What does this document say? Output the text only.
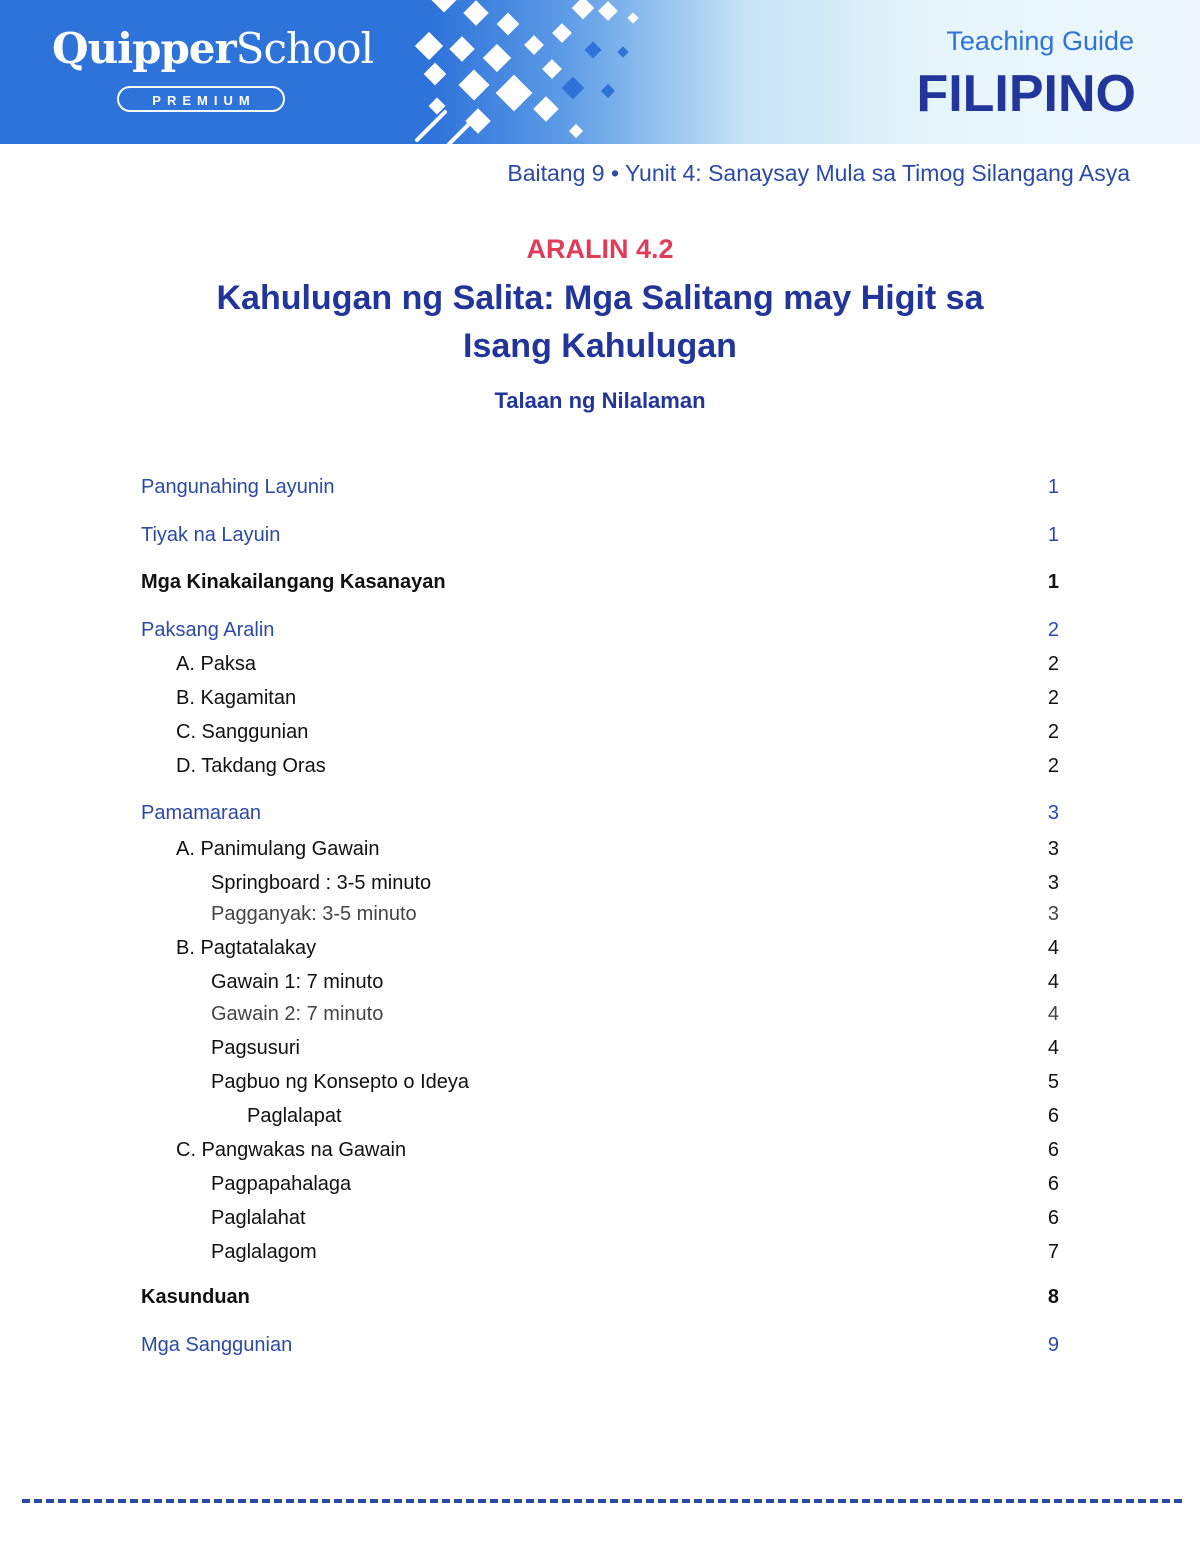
QuipperSchool
PREMIUM
Teaching Guide
FILIPINO
Baitang 9 • Yunit 4: Sanaysay Mula sa Timog Silangang Asya
ARALIN 4.2
Kahulugan ng Salita: Mga Salitang may Higit sa
Isang Kahulugan
Talaan ng Nilalaman
Pangunahing Layunin	1
Tiyak na Layuin	1
Mga Kinakailangang Kasanayan	1
Paksang Aralin	2
A. Paksa	2
B. Kagamitan	2
C. Sanggunian	2
D. Takdang Oras	2
Pamamaraan	3
A. Panimulang Gawain	3
Springboard : 3-5 minuto	3
Pagganyak: 3-5 minuto	3
B. Pagtatalakay	4
Gawain 1: 7 minuto	4
Gawain 2: 7 minuto	4
Pagsusuri	4
Pagbuo ng Konsepto o Ideya	5
Paglalapat	6
C. Pangwakas na Gawain	6
Pagpapahalaga	6
Paglalahat	6
Paglalagom	7
Kasunduan	8
Mga Sanggunian	9
